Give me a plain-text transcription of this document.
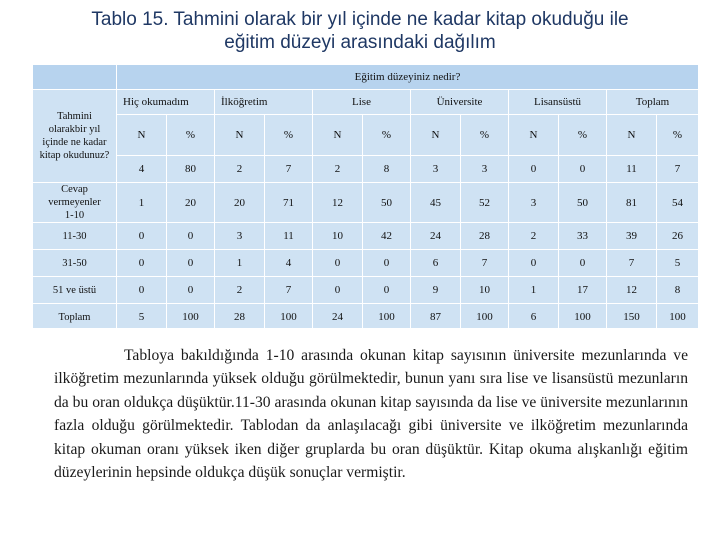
Tablo 15. Tahmini olarak bir yıl içinde ne kadar kitap okuduğu ile
eğitim düzeyi arasındaki dağılım
	Eğitim düzeyiniz nedir?											
Tahmini olarakbir yıl içinde ne kadar kitap okudunuz?	Hiç okumadım		İlköğretim		Lise		Üniversite		Lisansüstü		Toplam	
	N	%	N	%	N	%	N	%	N	%	N	%
	4	80	2	7	2	8	3	3	0	0	11	7

Cevap vermeyenler
1-10	1	20	20	71	12	50	45	52	3	50	81	54
11-30	0	0	3	11	10	42	24	28	2	33	39	26
31-50	0	0	1	4	0	0	6	7	0	0	7	5
51 ve üstü	0	0	2	7	0	0	9	10	1	17	12	8
Toplam	5	100	28	100	24	100	87	100	6	100	150	100
Tabloya bakıldığında 1-10 arasında okunan kitap sayısının üniversite mezunlarında ve ilköğretim mezunlarında yüksek olduğu görülmektedir, bunun yanı sıra lise ve lisansüstü mezunların da bu oran oldukça düşüktür.11-30 arasında okunan kitap sayısında da lise ve üniversite mezunlarının fazla olduğu görülmektedir. Tablodan da anlaşılacağı gibi üniversite ve ilköğretim mezunlarında kitap okuman oranı yüksek iken diğer gruplarda bu oran düşüktür. Kitap okuma alışkanlığı eğitim düzeylerinin hepsinde oldukça düşük sonuçlar vermiştir.
